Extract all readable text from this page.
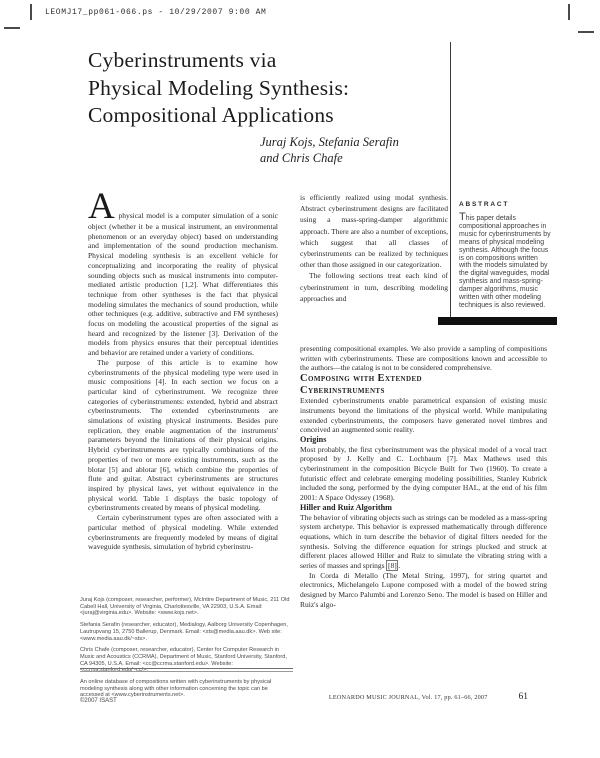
LEOMJ17_pp061-066.ps - 10/29/2007 9:00 AM
Cyberinstruments via
Physical Modeling Synthesis:
Compositional Applications
Juraj Kojs, Stefania Serafin
and Chris Chafe
ABSTRACT
This paper details compositional approaches in music for cyberinstruments by means of physical modeling synthesis. Although the focus is on compositions written with the models simulated by the digital waveguides, modal synthesis and mass-spring-damper algorithms, music written with other modeling techniques is also reviewed.

A physical model is a computer simulation of a sonic object (whether it be a musical instrument, an environmental phenomenon or an everyday object) based on understanding and implementation of the sound production mechanism. Physical modeling synthesis is an excellent vehicle for conceptualizing and incorporating the reality of physical sounding objects such as musical instruments into computer-mediated artistic production [1,2]. What differentiates this technique from other syntheses is the fact that physical modeling simulates the mechanics of sound production, while other techniques (e.g. additive, subtractive and FM syntheses) focus on modeling the acoustical properties of the signal as heard and recognized by the listener [3]. Derivation of the models from physics ensures that their perceptual identities and behavior are retained under a variety of conditions.

The purpose of this article is to examine how cyberinstruments of the physical modeling type were used in music compositions [4]. In each section we focus on a particular kind of cyberinstrument. We recognize three categories of cyberinstruments: extended, hybrid and abstract cyberinstruments. The extended cyberinstruments are simulations of existing physical instruments. Besides pure replication, they enable augmentation of the instruments' parameters beyond the limitations of their physical origins. Hybrid cyberinstruments are typically combinations of the properties of two or more existing instruments, such as the blotar [5] and ablotar [6], which combine the properties of flute and guitar. Abstract cyberinstruments are structures inspired by physical laws, yet without equivalence in the physical world. Table 1 displays the basic topology of cyberinstruments created by means of physical modeling.

Certain cyberinstrument types are often associated with a particular method of physical modeling. While extended cyberinstruments are frequently modeled by means of digital waveguide synthesis, simulation of hybrid cyberinstru-

is efficiently realized using modal synthesis. Abstract cyberinstrument designs are facilitated using a mass-spring-damper algorithmic approach. There are also a number of exceptions, which suggest that all classes of cyberinstruments can be realized by techniques other than those assigned in our categorization.

The following sections treat each kind of cyberinstrument in turn, describing modeling approaches and

presenting compositional examples. We also provide a sampling of compositions written with cyberinstruments. These are compositions known and accessible to the authors—the catalog is not to be considered comprehensive.

Composing with Extended Cyberinstruments

Extended cyberinstruments enable parametrical expansion of existing music instruments beyond the limitations of the physical world. While manipulating extended cyberinstruments, the composers have generated novel timbres and conceived an augmented sonic reality.

Origins

Most probably, the first cyberinstrument was the physical model of a vocal tract proposed by J. Kelly and C. Lochbaum [7]. Max Mathews used this cyberinstrument in the composition Bicycle Built for Two (1960). To create a futuristic effect and celebrate emerging modeling possibilities, Stanley Kubrick included the song, performed by the dying computer HAL, at the end of his film 2001: A Space Odyssey (1968).

Hiller and Ruiz Algorithm

The behavior of vibrating objects such as strings can be modeled as a mass-spring system archetype. This behavior is expressed mathematically through difference equations, which in turn describe the behavior of digital filters needed for the synthesis. Solving the difference equation for strings plucked and struck at different places allowed Hiller and Ruiz to simulate the vibrating string with a series of masses and springs [8] .

In Corda di Metallo (The Metal String, 1997), for string quartet and electronics, Michelangelo Lupone composed with a model of the bowed string designed by Marco Palumbi and Lorenzo Seno. The model is based on Hiller and Ruiz's algo-

Juraj Kojs (composer, researcher, performer), McIntire Department of Music, 211 Old Cabell Hall, University of Virginia, Charlottesville, VA 22903, U.S.A. Email: <juraj@virginia.edu>. Website: <www.kojs.net>.

Stefania Serafin (researcher, educator), Medialogy, Aalborg University Copenhagen, Lautrupvang 15, 2750 Ballerup, Denmark. Email: <sts@media.aau.dk>. Web site: <www.media.aau.dk/~sts>.

Chris Chafe (composer, researcher, educator), Center for Computer Research in Music and Acoustics (CCRMA), Department of Music, Stanford University, Stanford, CA 94305, U.S.A. Email: <cc@ccrma.stanford.edu>. Website: <ccrma.stanford.edu/~cc/>.

An online database of compositions written with cyberinstruments by physical modeling synthesis along with other information concerning the topic can be accessed at <www.cyberinstruments.net>.

©2007 ISAST	LEONARDO MUSIC JOURNAL, Vol. 17, pp. 61–66, 2007	61
